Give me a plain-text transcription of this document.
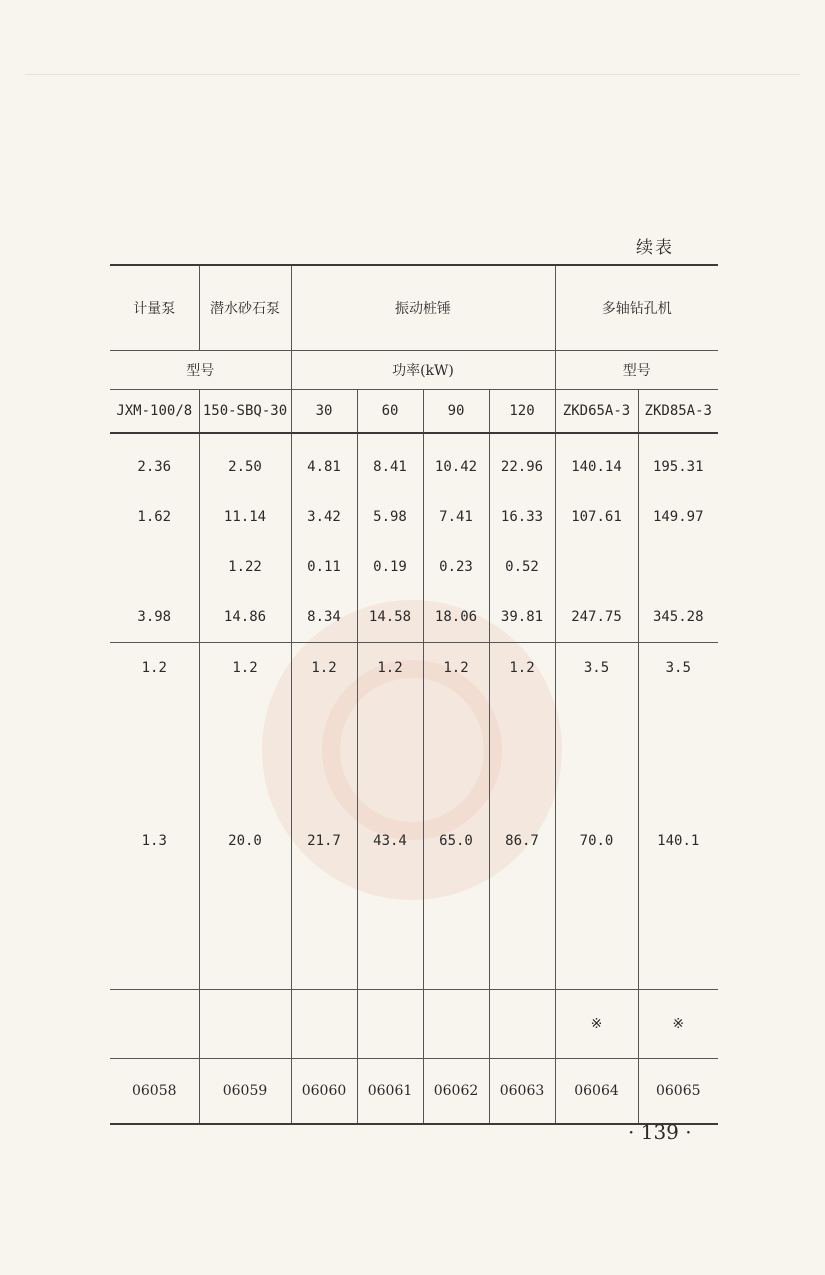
续表
计量泵	潜水砂石泵	振动桩锤				多轴钻孔机	
型号		功率(kW)				型号	
JXM-100/8	150-SBQ-30	30	60	90	120	ZKD65A-3	ZKD85A-3
2.36	2.50	4.81	8.41	10.42	22.96	140.14	195.31
1.62	11.14	3.42	5.98	7.41	16.33	107.61	149.97
	1.22	0.11	0.19	0.23	0.52		
3.98	14.86	8.34	14.58	18.06	39.81	247.75	345.28
1.2	1.2	1.2	1.2	1.2	1.2	3.5	3.5
1.3	20.0	21.7	43.4	65.0	86.7	70.0	140.1
						※	※
06058	06059	06060	06061	06062	06063	06064	06065
· 139 ·
